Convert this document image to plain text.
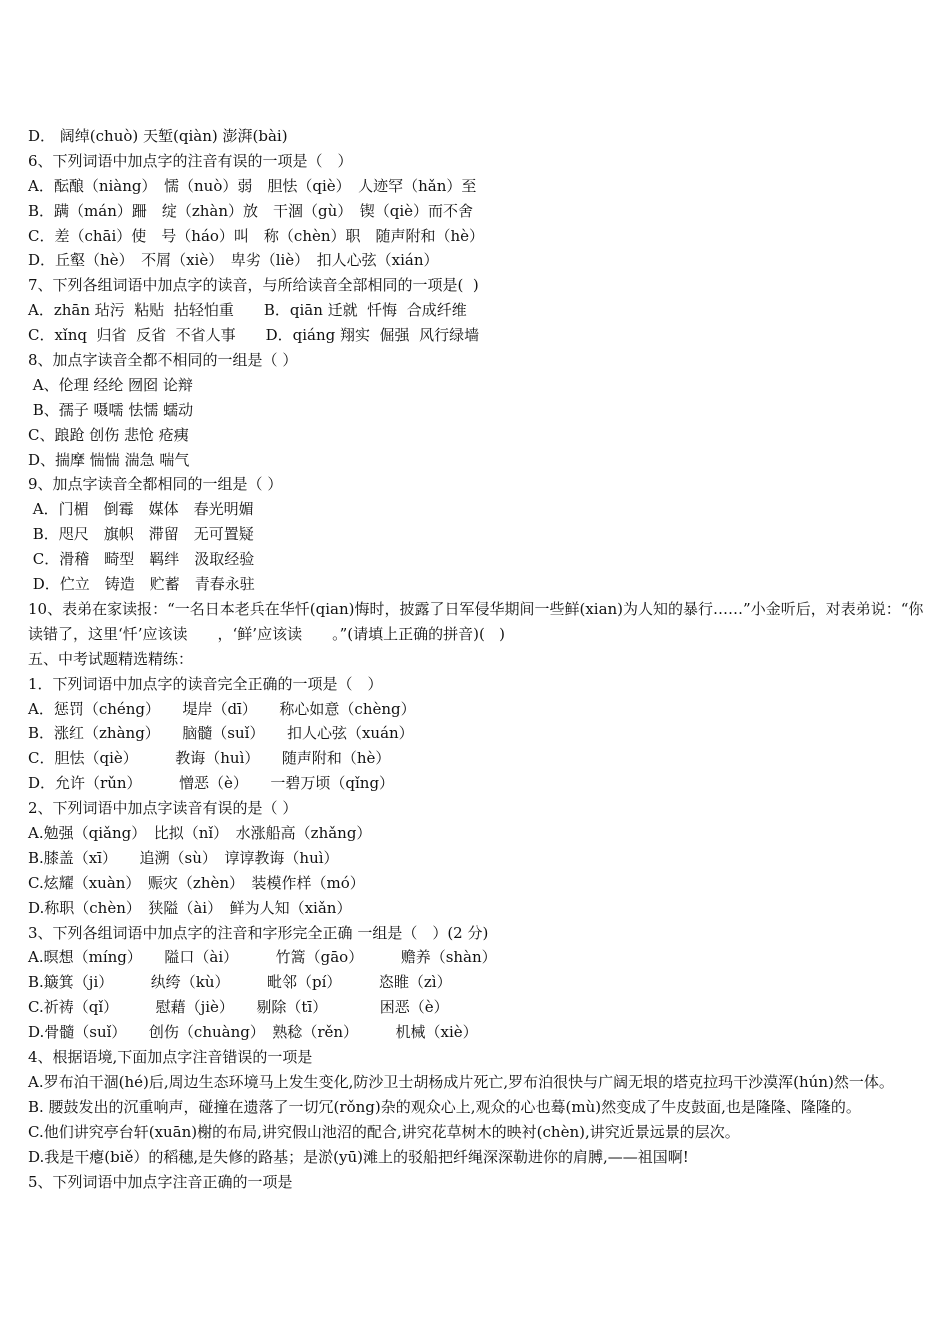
D． 阔绰(chuò) 天堑(qiàn) 澎湃(bài)
6、下列词语中加点字的注音有误的一项是（　）
A．酝酿（niàng）　懦（nuò）弱　胆怯（qiè）　人迹罕（hǎn）至
B．蹒（mán）跚　绽（zhàn）放　干涸（gù）　锲（qiè）而不舍
C．差（chāi）使　号（háo）叫　称（chèn）职　随声附和（hè）
D．丘壑（hè）　不屑（xiè）　卑劣（liè）　扣人心弦（xián）
7、下列各组词语中加点字的读音，与所给读音全部相同的一项是(  )
A．zhān 玷污  粘贴  拈轻怕重　　B．qiān 迁就  忏悔  合成纤维
C．xǐnq  归省  反省  不省人事　　D．qiáng 翔实  倔强  风行绿墙
8、加点字读音全都不相同的一组是（ ）
A、伦理 经纶 囫囵 论辩
B、孺子 嗫嚅 怯懦 蠕动
C、踉跄 创伤 悲怆 疮痍
D、揣摩 惴惴 湍急 喘气
9、加点字读音全都相同的一组是（ ）
A．门楣　倒霉　媒体　春光明媚
B．咫尺　旗帜　滞留　无可置疑
C．滑稽　畸型　羁绊　汲取经验
D．伫立　铸造　贮蓄　青春永驻
10、表弟在家读报：“一名日本老兵在华忏(qian)悔时，披露了日军侵华期间一些鲜(xian)为人知的暴行……”小金听后，对表弟说：“你读错了，这里‘忏’应该读　　，‘鲜’应该读　　。”(请填上正确的拼音)(   )
五、中考试题精选精练：
1．下列词语中加点字的读音完全正确的一项是（　）
A．惩罚（chéng）　　堤岸（dī）　　称心如意（chèng）
B．涨红（zhàng）　　脑髓（suǐ）　　扣人心弦（xuán）
C．胆怯（qiè）　　　教诲（huì）　　随声附和（hè）
D．允许（rǔn）　　　憎恶（è）　　一碧万顷（qǐng）
2、下列词语中加点字读音有误的是（ ）
A.勉强（qiǎng）　比拟（nǐ）　水涨船高（zhǎng）
B.膝盖（xī）　　追溯（sù）　谆谆教诲（huì）
C.炫耀（xuàn）　赈灾（zhèn）　装模作样（mó）
D.称职（chèn）　狭隘（ài）　鲜为人知（xiǎn）
3、下列各组词语中加点字的注音和字形完全正确 一组是（　）(2 分)
A.暝想（míng）　　隘口（ài）　　　竹篙（gāo）　　　赡养（shàn）
B.簸箕（ji）　　　纨绔（kù）　　　毗邻（pí）　　　恣睢（zì）
C.祈祷（qǐ）　　　慰藉（jiè）　　剔除（tī）　　　　困恶（è）
D.骨髓（suǐ）　　创伤（chuàng）　熟稔（rěn）　　　机械（xiè）
4、根据语境,下面加点字注音错误的一项是
A.罗布泊干涸(hé)后,周边生态环境马上发生变化,防沙卫士胡杨成片死亡,罗布泊很快与广阔无垠的塔克拉玛干沙漠浑(hún)然一体。
B. 腰鼓发出的沉重响声，碰撞在遗落了一切冗(rǒng)杂的观众心上,观众的心也蓦(mù)然变成了牛皮鼓面,也是隆隆、隆隆的。
C.他们讲究亭台轩(xuān)榭的布局,讲究假山池沼的配合,讲究花草树木的映衬(chèn),讲究近景远景的层次。
D.我是干瘪(biě）的稻穗,是失修的路基；是淤(yū)滩上的驳船把纤绳深深勒进你的肩膊,——祖国啊!
5、下列词语中加点字注音正确的一项是
